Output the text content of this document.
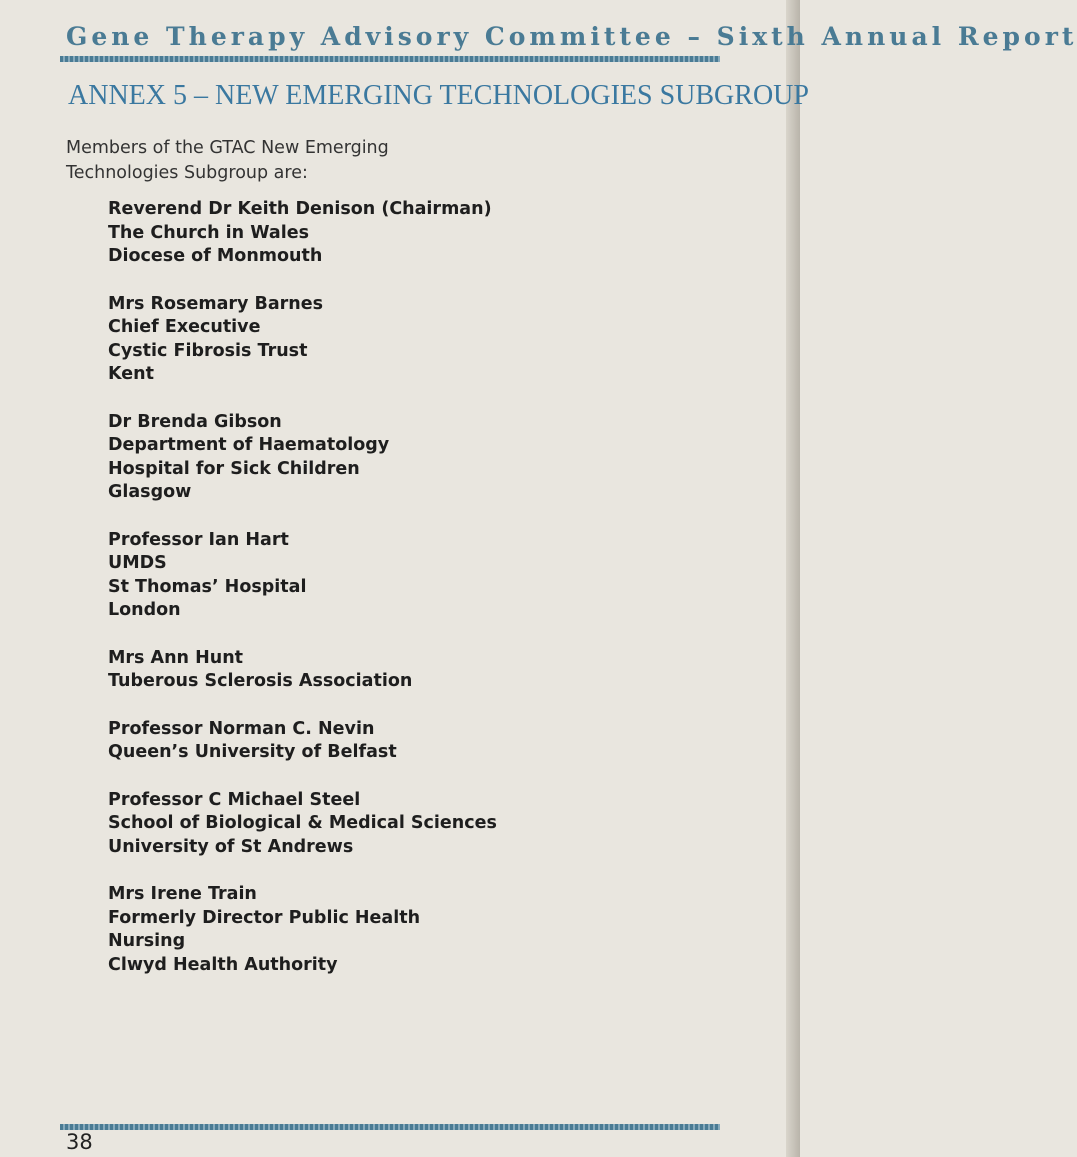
Gene Therapy Advisory Committee – Sixth Annual Report
ANNEX 5 – NEW EMERGING TECHNOLOGIES SUBGROUP

Members of the GTAC New Emerging Technologies Subgroup are:

Reverend Dr Keith Denison (Chairman)
The Church in Wales
Diocese of Monmouth
Mrs Rosemary Barnes
Chief Executive
Cystic Fibrosis Trust
Kent
Dr Brenda Gibson
Department of Haematology
Hospital for Sick Children
Glasgow
Professor Ian Hart
UMDS
St Thomas’ Hospital
London
Mrs Ann Hunt
Tuberous Sclerosis Association
Professor Norman C. Nevin
Queen’s University of Belfast
Professor C Michael Steel
School of Biological & Medical Sciences
University of St Andrews
Mrs Irene Train
Formerly Director Public Health
Nursing
Clwyd Health Authority
38
